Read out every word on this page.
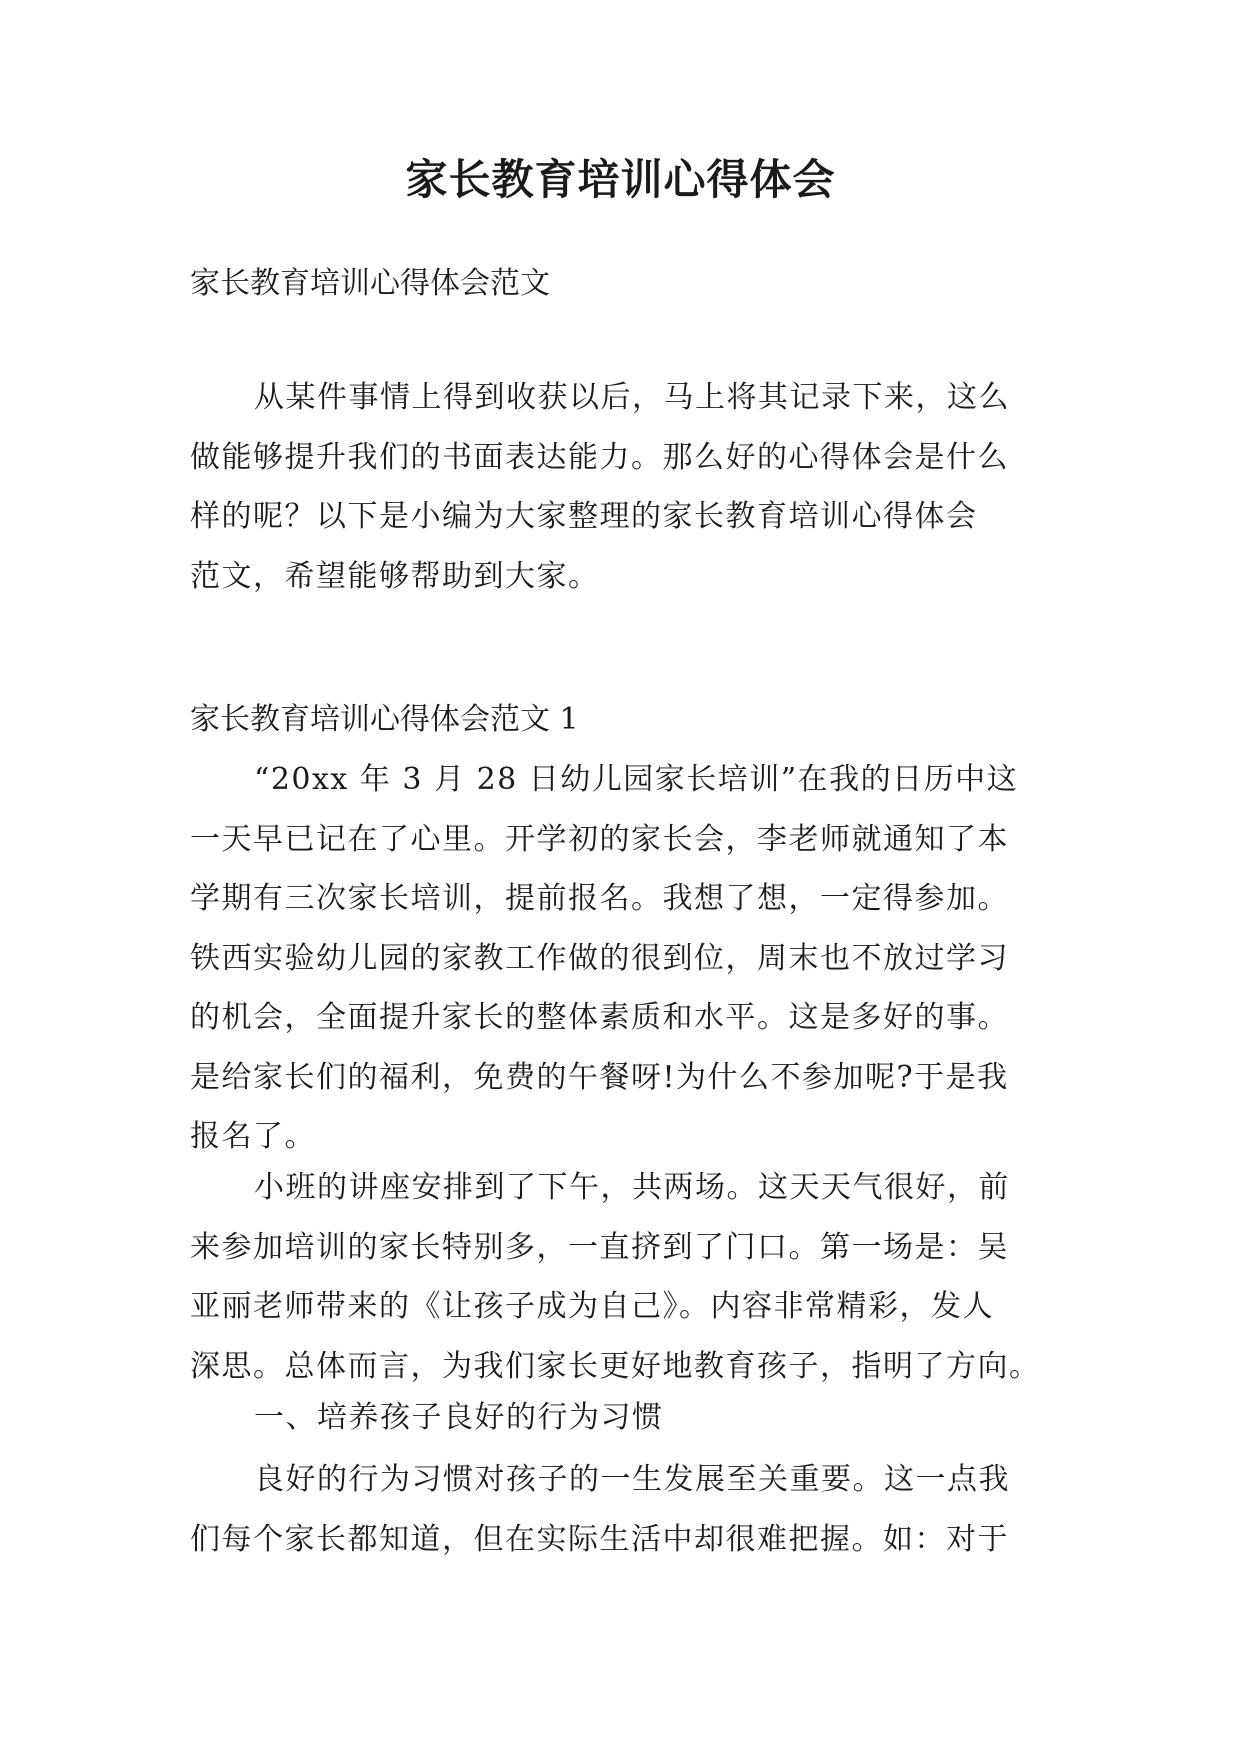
家长教育培训心得体会

家长教育培训心得体会范文

从某件事情上得到收获以后，马上将其记录下来，这么
做能够提升我们的书面表达能力。那么好的心得体会是什么
样的呢？以下是小编为大家整理的家长教育培训心得体会
范文，希望能够帮助到大家。

家长教育培训心得体会范文 1

“20xx 年 3 月 28 日幼儿园家长培训”在我的日历中这
一天早已记在了心里。开学初的家长会，李老师就通知了本
学期有三次家长培训，提前报名。我想了想，一定得参加。
铁西实验幼儿园的家教工作做的很到位，周末也不放过学习
的机会，全面提升家长的整体素质和水平。这是多好的事。
是给家长们的福利，免费的午餐呀!为什么不参加呢?于是我
报名了。
小班的讲座安排到了下午，共两场。这天天气很好，前
来参加培训的家长特别多，一直挤到了门口。第一场是：吴
亚丽老师带来的《让孩子成为自己》。内容非常精彩，发人
深思。总体而言，为我们家长更好地教育孩子，指明了方向。

一、培养孩子良好的行为习惯

良好的行为习惯对孩子的一生发展至关重要。这一点我
们每个家长都知道，但在实际生活中却很难把握。如：对于
